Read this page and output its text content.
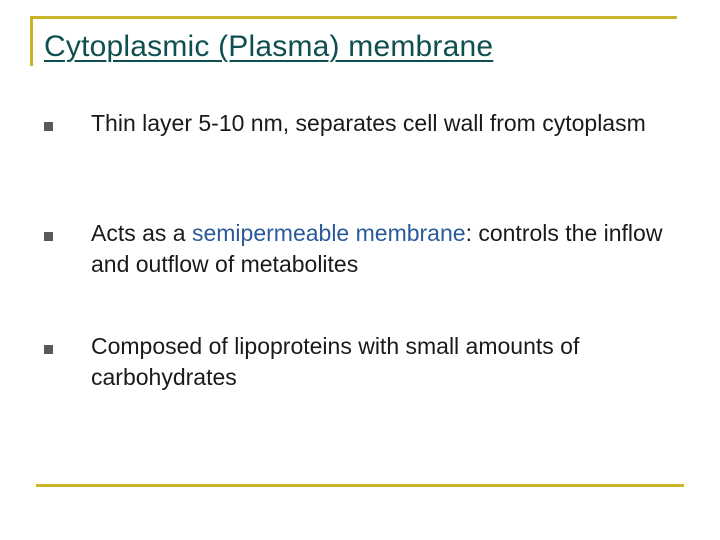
Cytoplasmic (Plasma) membrane

Thin layer 5-10 nm, separates cell wall from cytoplasm

Acts as a semipermeable membrane: controls the inflow and outflow of metabolites

Composed of lipoproteins with small amounts of carbohydrates
